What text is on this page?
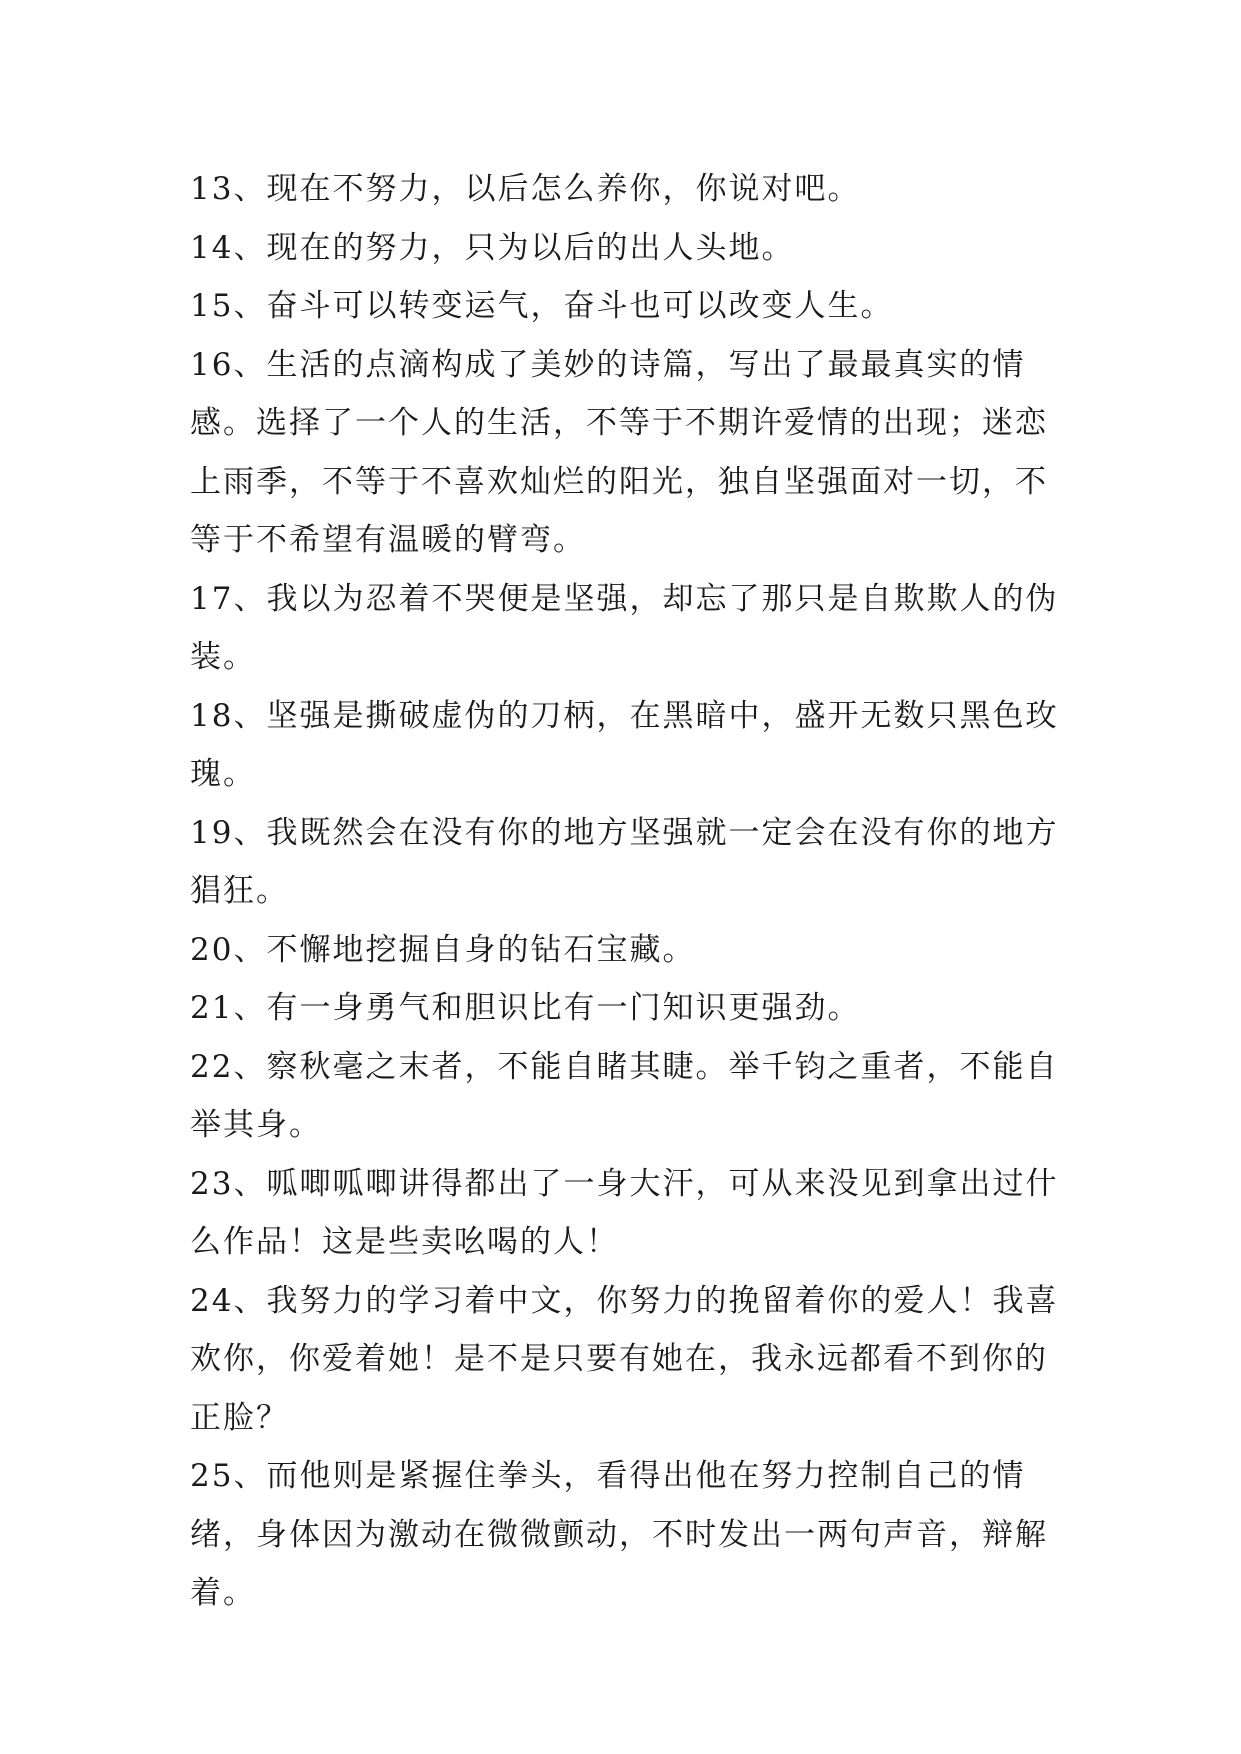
13、现在不努力，以后怎么养你，你说对吧。

14、现在的努力，只为以后的出人头地。

15、奋斗可以转变运气，奋斗也可以改变人生。

16、生活的点滴构成了美妙的诗篇，写出了最最真实的情感。选择了一个人的生活，不等于不期许爱情的出现；迷恋上雨季，不等于不喜欢灿烂的阳光，独自坚强面对一切，不等于不希望有温暖的臂弯。

17、我以为忍着不哭便是坚强，却忘了那只是自欺欺人的伪装。

18、坚强是撕破虚伪的刀柄，在黑暗中，盛开无数只黑色玫瑰。

19、我既然会在没有你的地方坚强就一定会在没有你的地方猖狂。

20、不懈地挖掘自身的钻石宝藏。

21、有一身勇气和胆识比有一门知识更强劲。

22、察秋毫之末者，不能自睹其睫。举千钧之重者，不能自举其身。

23、呱唧呱唧讲得都出了一身大汗，可从来没见到拿出过什么作品！这是些卖吆喝的人！

24、我努力的学习着中文，你努力的挽留着你的爱人！我喜欢你，你爱着她！是不是只要有她在，我永远都看不到你的正脸？

25、而他则是紧握住拳头，看得出他在努力控制自己的情绪，身体因为激动在微微颤动，不时发出一两句声音，辩解着。
